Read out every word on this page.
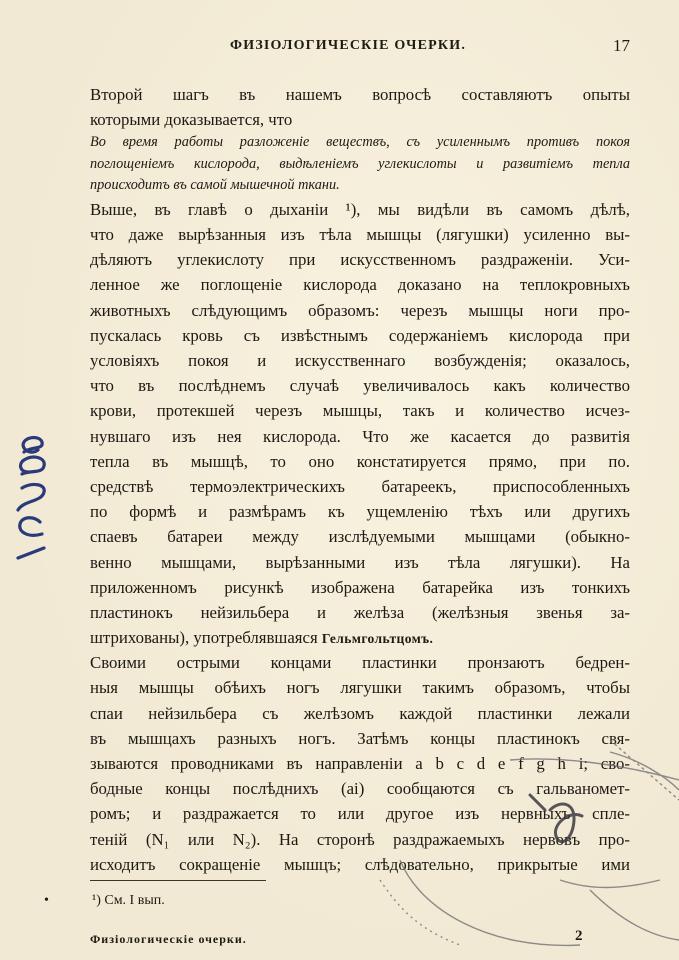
ФИЗІОЛОГИЧЕСКІЕ ОЧЕРКИ.	17
Второй шагъ въ нашемъ вопросѣ составляютъ опыты
которыми доказывается, что
Во время работы разложеніе веществъ, съ усиленнымъ противъ покоя
поглощеніемъ кислорода, выдѣленіемъ углекислоты и развитіемъ тепла
происходитъ въ самой мышечной ткани.
Выше, въ главѣ о дыханіи ¹), мы видѣли въ самомъ дѣлѣ,
что даже вырѣзанныя изъ тѣла мышцы (лягушки) усиленно вы-
дѣляютъ углекислоту при искусственномъ раздраженіи. Уси-
ленное же поглощеніе кислорода доказано на теплокровныхъ
животныхъ слѣдующимъ образомъ: черезъ мышцы ноги про-
пускалась кровь съ извѣстнымъ содержаніемъ кислорода при
условіяхъ покоя и искусственнаго возбужденія; оказалось,
что въ послѣднемъ случаѣ увеличивалось какъ количество
крови, протекшей черезъ мышцы, такъ и количество исчез-
нувшаго изъ нея кислорода. Что же касается до развитія
тепла въ мышцѣ, то оно констатируется прямо, при по.
средствѣ термоэлектрическихъ батареекъ, приспособленныхъ
по формѣ и размѣрамъ къ ущемленію тѣхъ или другихъ
спаевъ батареи между изслѣдуемыми мышцами (обыкно-
венно мышцами, вырѣзанными изъ тѣла лягушки). На
приложенномъ рисункѣ изображена батарейка изъ тонкихъ
пластинокъ нейзильбера и желѣза (желѣзныя звенья за-
штрихованы), употреблявшаяся Гельмгольтцомъ.
Своими острыми концами пластинки пронзаютъ бедрен-
ныя мышцы обѣихъ ногъ лягушки такимъ образомъ, чтобы
спаи нейзильбера съ желѣзомъ каждой пластинки лежали
въ мышцахъ разныхъ ногъ. Затѣмъ концы пластинокъ свя-
зываются проводниками въ направленіи a b c d e f g h i; сво-
бодные концы послѣднихъ (ai) сообщаются съ гальваномет-
ромъ; и раздражается то или другое изъ нервныхъ спле-
теній (N₁ или N₂). На сторонѣ раздражаемыхъ нервовъ про-
исходитъ сокращеніе мышцъ; слѣдовательно, прикрытые ими
•	¹) См. I вып.
Физіологическіе очерки.	2
